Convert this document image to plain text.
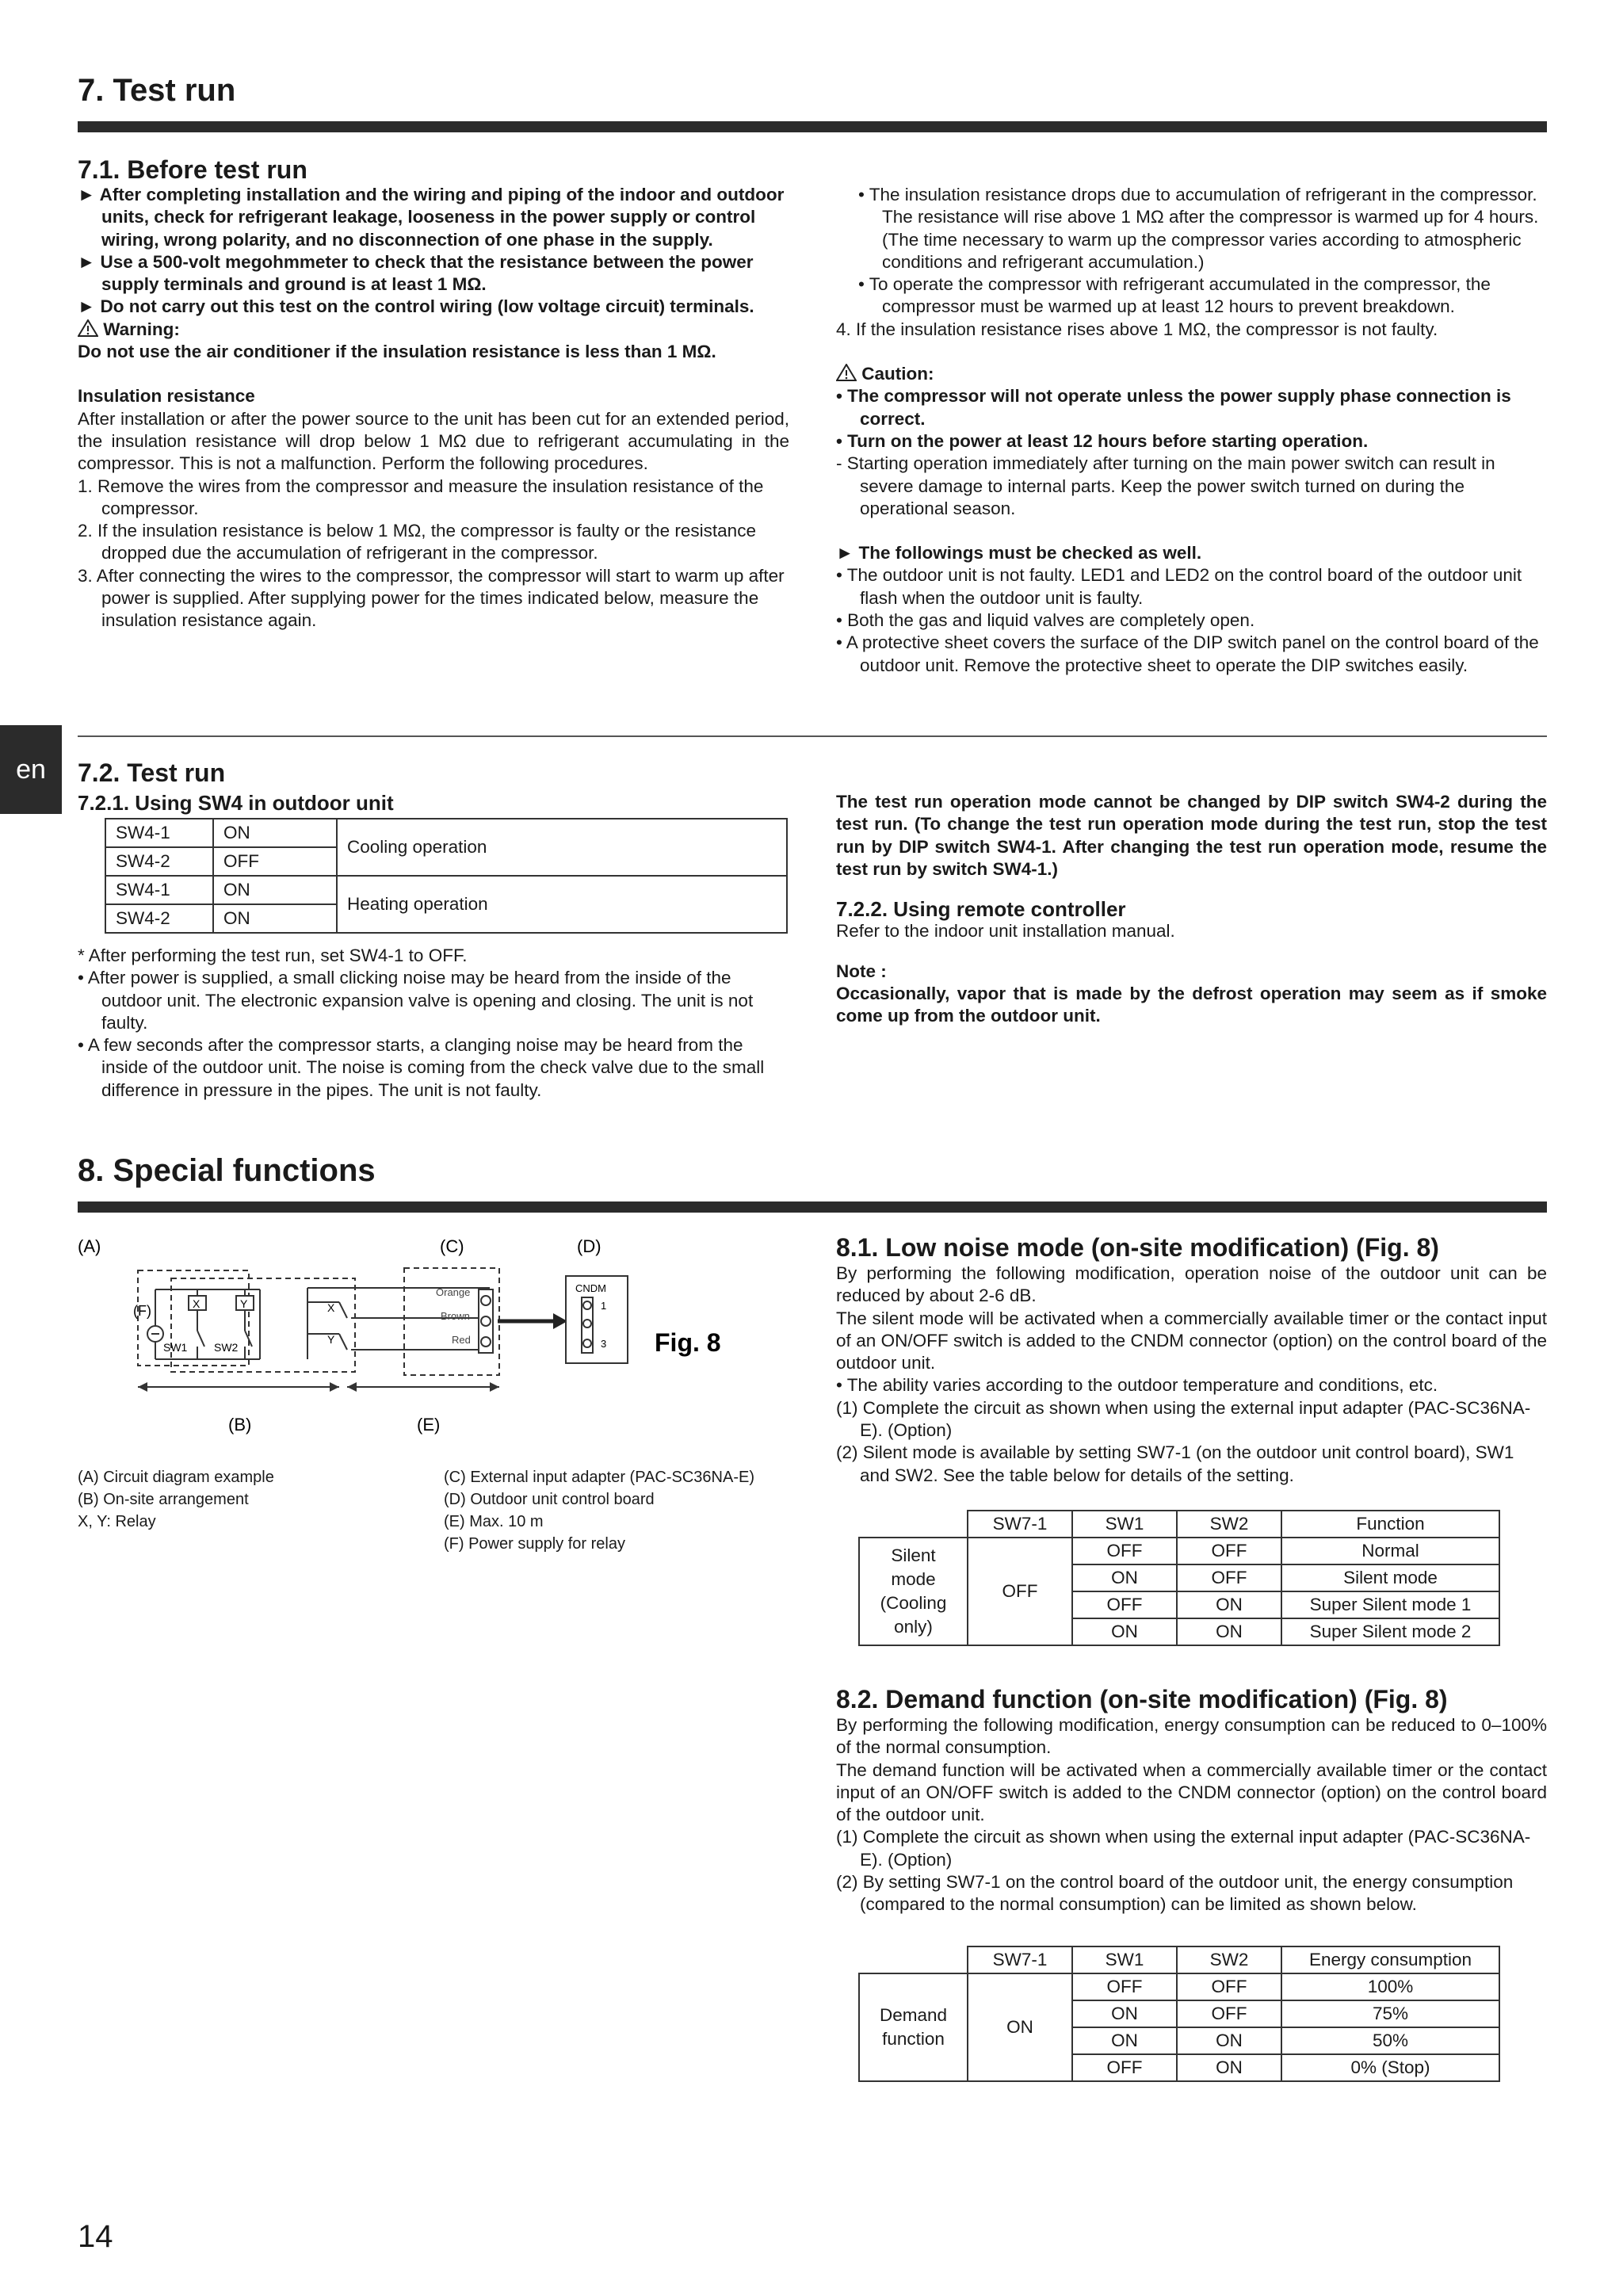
7. Test run
7.1. Before test run

► After completing installation and the wiring and piping of the indoor and outdoor units, check for refrigerant leakage, looseness in the power supply or control wiring, wrong polarity, and no disconnection of one phase in the supply.

► Use a 500-volt megohmmeter to check that the resistance between the power supply terminals and ground is at least 1 MΩ.

► Do not carry out this test on the control wiring (low voltage circuit) terminals.

Warning:

Do not use the air conditioner if the insulation resistance is less than 1 MΩ.

Insulation resistance

After installation or after the power source to the unit has been cut for an extended period, the insulation resistance will drop below 1 MΩ due to refrigerant accumulating in the compressor. This is not a malfunction. Perform the following procedures.

1. Remove the wires from the compressor and measure the insulation resistance of the compressor.

2. If the insulation resistance is below 1 MΩ, the compressor is faulty or the resistance dropped due the accumulation of refrigerant in the compressor.

3. After connecting the wires to the compressor, the compressor will start to warm up after power is supplied. After supplying power for the times indicated below, measure the insulation resistance again.

• The insulation resistance drops due to accumulation of refrigerant in the compressor. The resistance will rise above 1 MΩ after the compressor is warmed up for 4 hours.

(The time necessary to warm up the compressor varies according to atmospheric conditions and refrigerant accumulation.)

• To operate the compressor with refrigerant accumulated in the compressor, the compressor must be warmed up at least 12 hours to prevent breakdown.

4. If the insulation resistance rises above 1 MΩ, the compressor is not faulty.

Caution:

• The compressor will not operate unless the power supply phase connection is correct.

• Turn on the power at least 12 hours before starting operation.

- Starting operation immediately after turning on the main power switch can result in severe damage to internal parts. Keep the power switch turned on during the operational season.

► The followings must be checked as well.

• The outdoor unit is not faulty. LED1 and LED2 on the control board of the outdoor unit flash when the outdoor unit is faulty.

• Both the gas and liquid valves are completely open.

• A protective sheet covers the surface of the DIP switch panel on the control board of the outdoor unit. Remove the protective sheet to operate the DIP switches easily.

en	7.2. Test run
7.2.1. Using SW4 in outdoor unit
SW4-1	ON	Cooling operation
SW4-2	OFF	
SW4-1	ON	Heating operation
SW4-2	ON	

* After performing the test run, set SW4-1 to OFF.

• After power is supplied, a small clicking noise may be heard from the inside of the outdoor unit. The electronic expansion valve is opening and closing. The unit is not faulty.

• A few seconds after the compressor starts, a clanging noise may be heard from the inside of the outdoor unit. The noise is coming from the check valve due to the small difference in pressure in the pipes. The unit is not faulty.

The test run operation mode cannot be changed by DIP switch SW4-2 during the test run. (To change the test run operation mode during the test run, stop the test run by DIP switch SW4-1. After changing the test run operation mode, resume the test run by switch SW4-1.)

7.2.2. Using remote controller

Refer to the indoor unit installation manual.

Note :

Occasionally, vapor that is made by the defrost operation may seem as if smoke come up from the outdoor unit.

8. Special functions
(A)	(C)	(D)
(F)	X	Y
SW1 SW2
X
Y
Orange
Brown
Red
CNDM
1
3 Fig. 8
(B)	(E)

(A) Circuit diagram example

(B) On-site arrangement

X, Y: Relay

(C) External input adapter (PAC-SC36NA-E)

(D) Outdoor unit control board

(E) Max. 10 m

(F) Power supply for relay

8.1. Low noise mode (on-site modification) (Fig. 8)

By performing the following modification, operation noise of the outdoor unit can be reduced by about 2-6 dB.

The silent mode will be activated when a commercially available timer or the contact input of an ON/OFF switch is added to the CNDM connector (option) on the control board of the outdoor unit.

• The ability varies according to the outdoor temperature and conditions, etc.

(1) Complete the circuit as shown when using the external input adapter (PAC-SC36NA-E). (Option)

(2) Silent mode is available by setting SW7-1 (on the outdoor unit control board), SW1 and SW2. See the table below for details of the setting.

	SW7-1	SW1	SW2	Function
Silent mode (Cooling only)	OFF	OFF	OFF	Normal
		ON	OFF	Silent mode
		OFF	ON	Super Silent mode 1
		ON	ON	Super Silent mode 2

8.2. Demand function (on-site modification) (Fig. 8)

By performing the following modification, energy consumption can be reduced to 0–100% of the normal consumption.

The demand function will be activated when a commercially available timer or the contact input of an ON/OFF switch is added to the CNDM connector (option) on the control board of the outdoor unit.

(1) Complete the circuit as shown when using the external input adapter (PAC-SC36NA-E). (Option)

(2) By setting SW7-1 on the control board of the outdoor unit, the energy consumption (compared to the normal consumption) can be limited as shown below.

	SW7-1	SW1	SW2	Energy consumption
Demand function	ON	OFF	OFF	100%
		ON	OFF	75%
		ON	ON	50%
		OFF	ON	0% (Stop)
14
